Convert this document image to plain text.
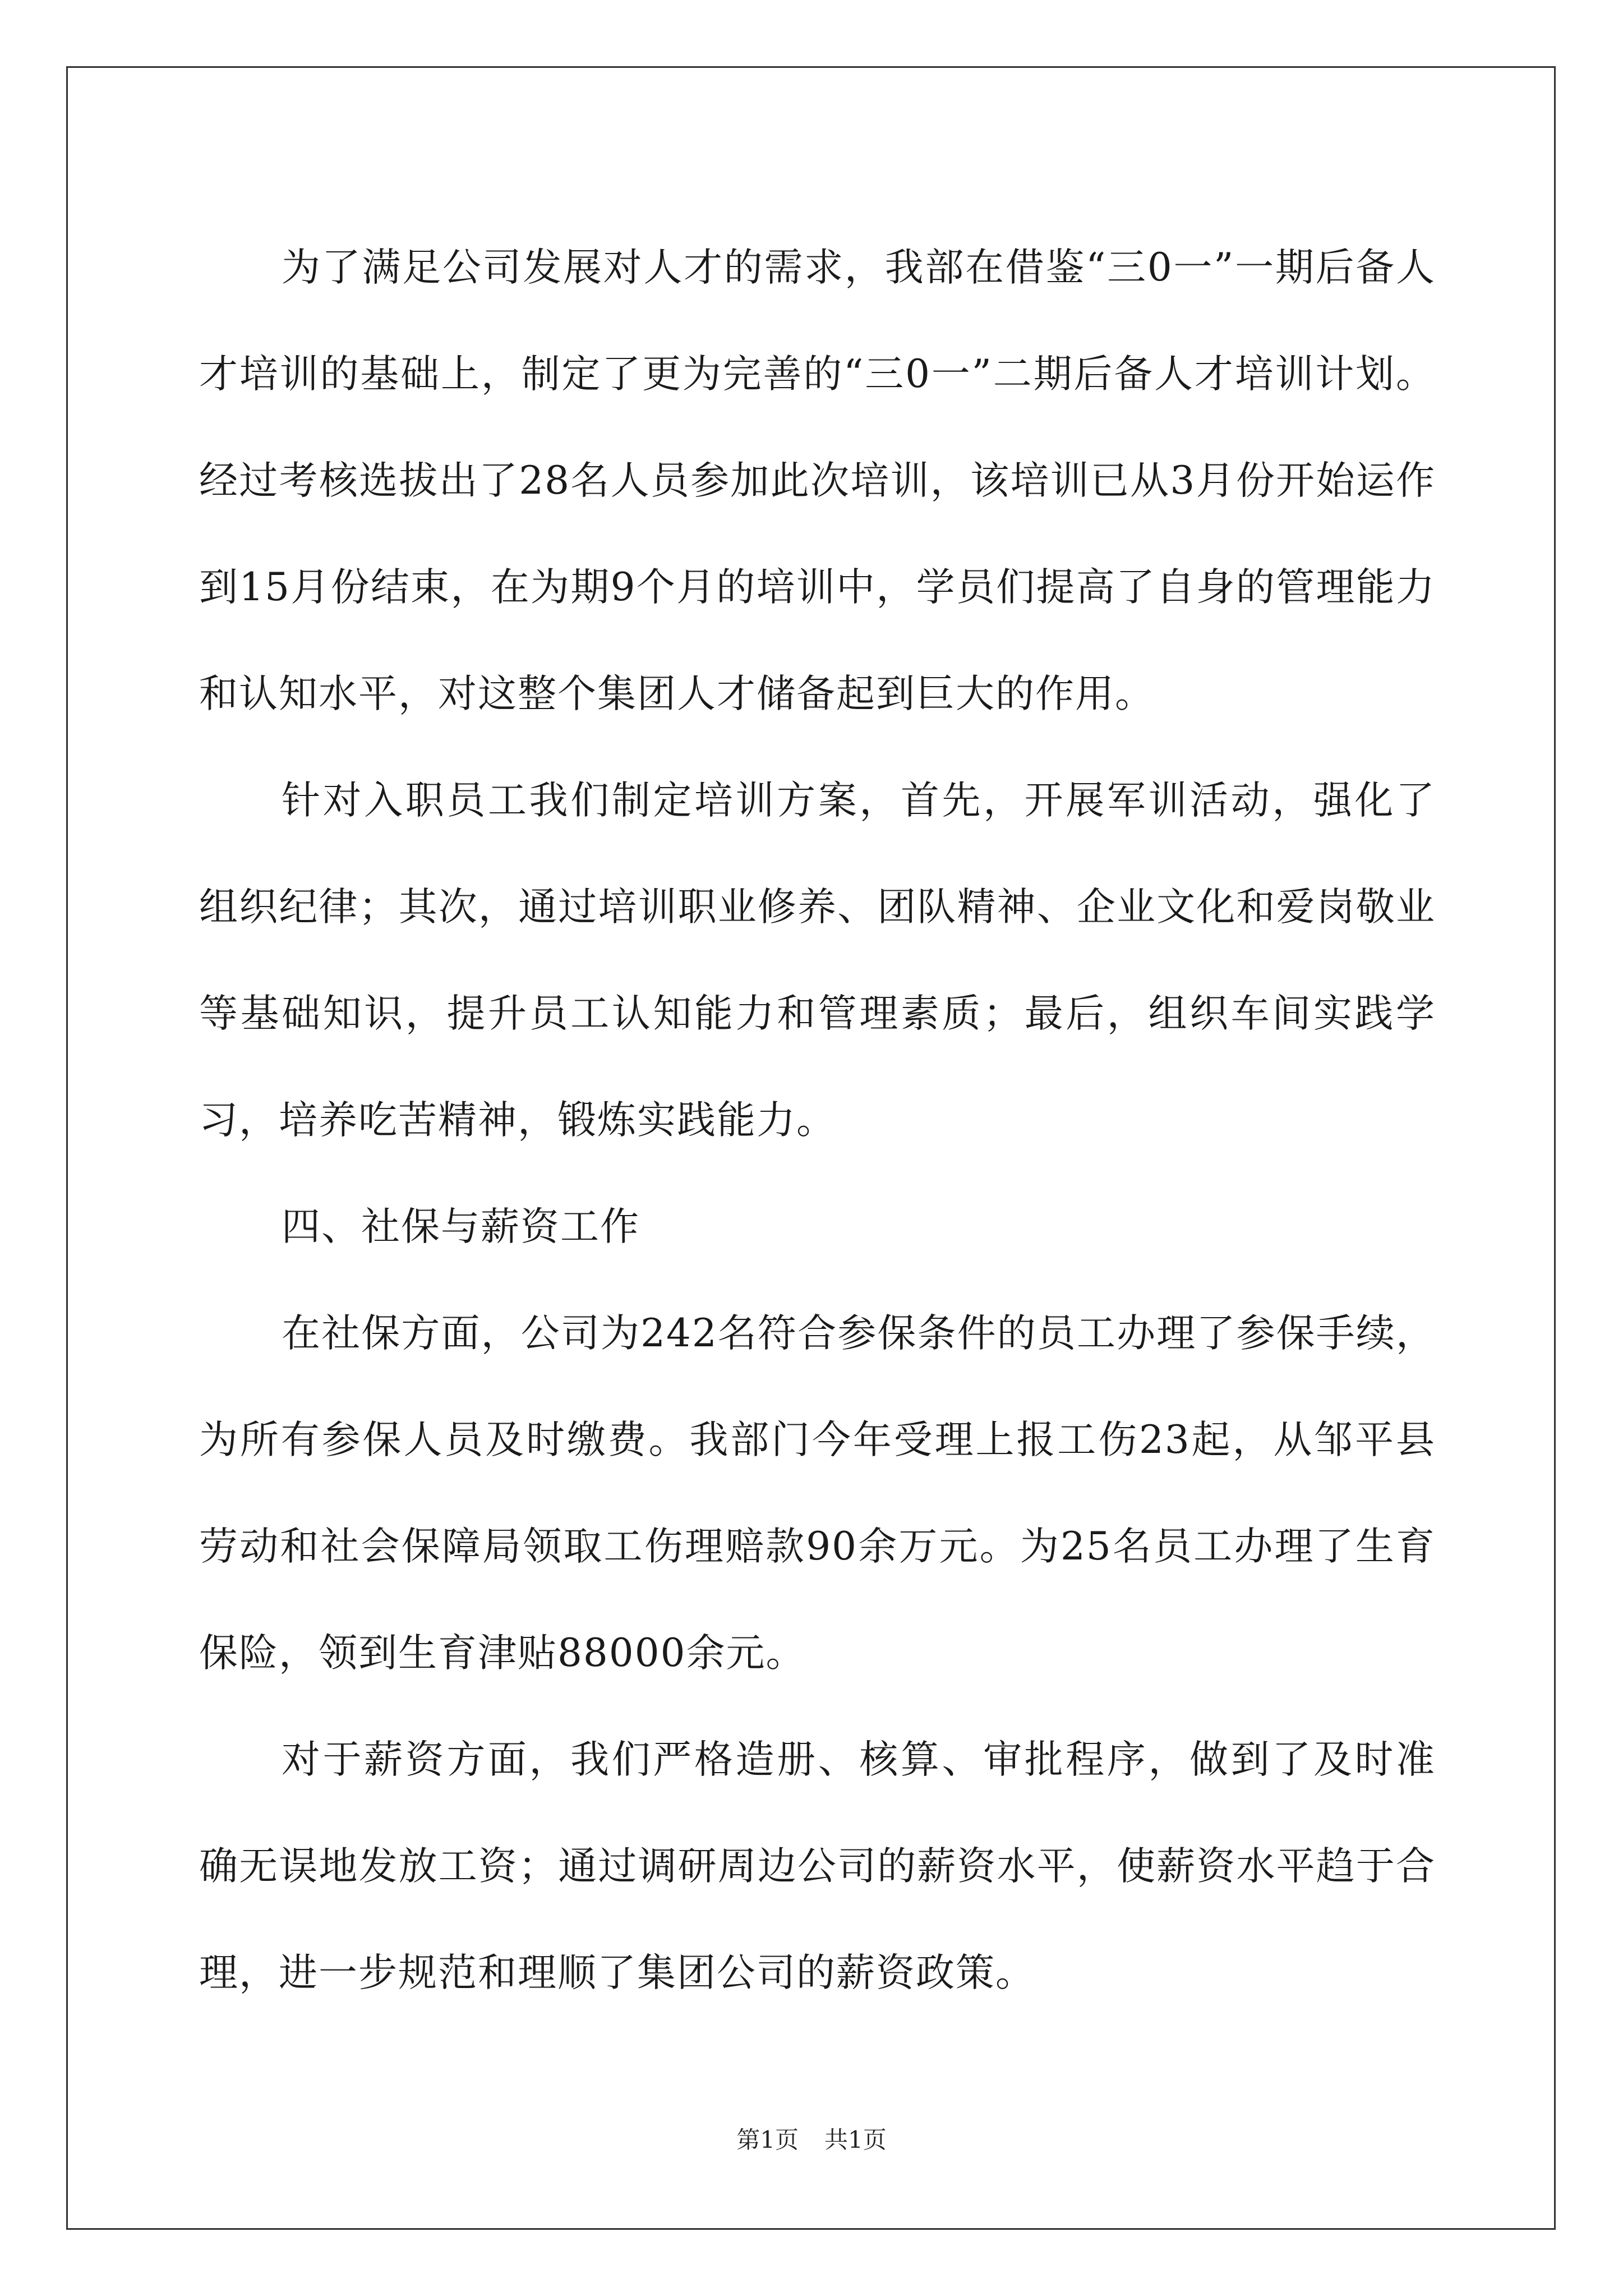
为了满足公司发展对人才的需求，我部在借鉴“三0一”一期后备人才培训的基础上，制定了更为完善的“三0一”二期后备人才培训计划。经过考核选拔出了28名人员参加此次培训，该培训已从3月份开始运作到15月份结束，在为期9个月的培训中，学员们提高了自身的管理能力和认知水平，对这整个集团人才储备起到巨大的作用。

针对入职员工我们制定培训方案，首先，开展军训活动，强化了组织纪律；其次，通过培训职业修养、团队精神、企业文化和爱岗敬业等基础知识，提升员工认知能力和管理素质；最后，组织车间实践学习，培养吃苦精神，锻炼实践能力。

四、社保与薪资工作

在社保方面，公司为242名符合参保条件的员工办理了参保手续，为所有参保人员及时缴费。我部门今年受理上报工伤23起，从邹平县劳动和社会保障局领取工伤理赔款90余万元。为25名员工办理了生育保险，领到生育津贴88000余元。

对于薪资方面，我们严格造册、核算、审批程序，做到了及时准确无误地发放工资；通过调研周边公司的薪资水平，使薪资水平趋于合理，进一步规范和理顺了集团公司的薪资政策。

第1页 共1页
